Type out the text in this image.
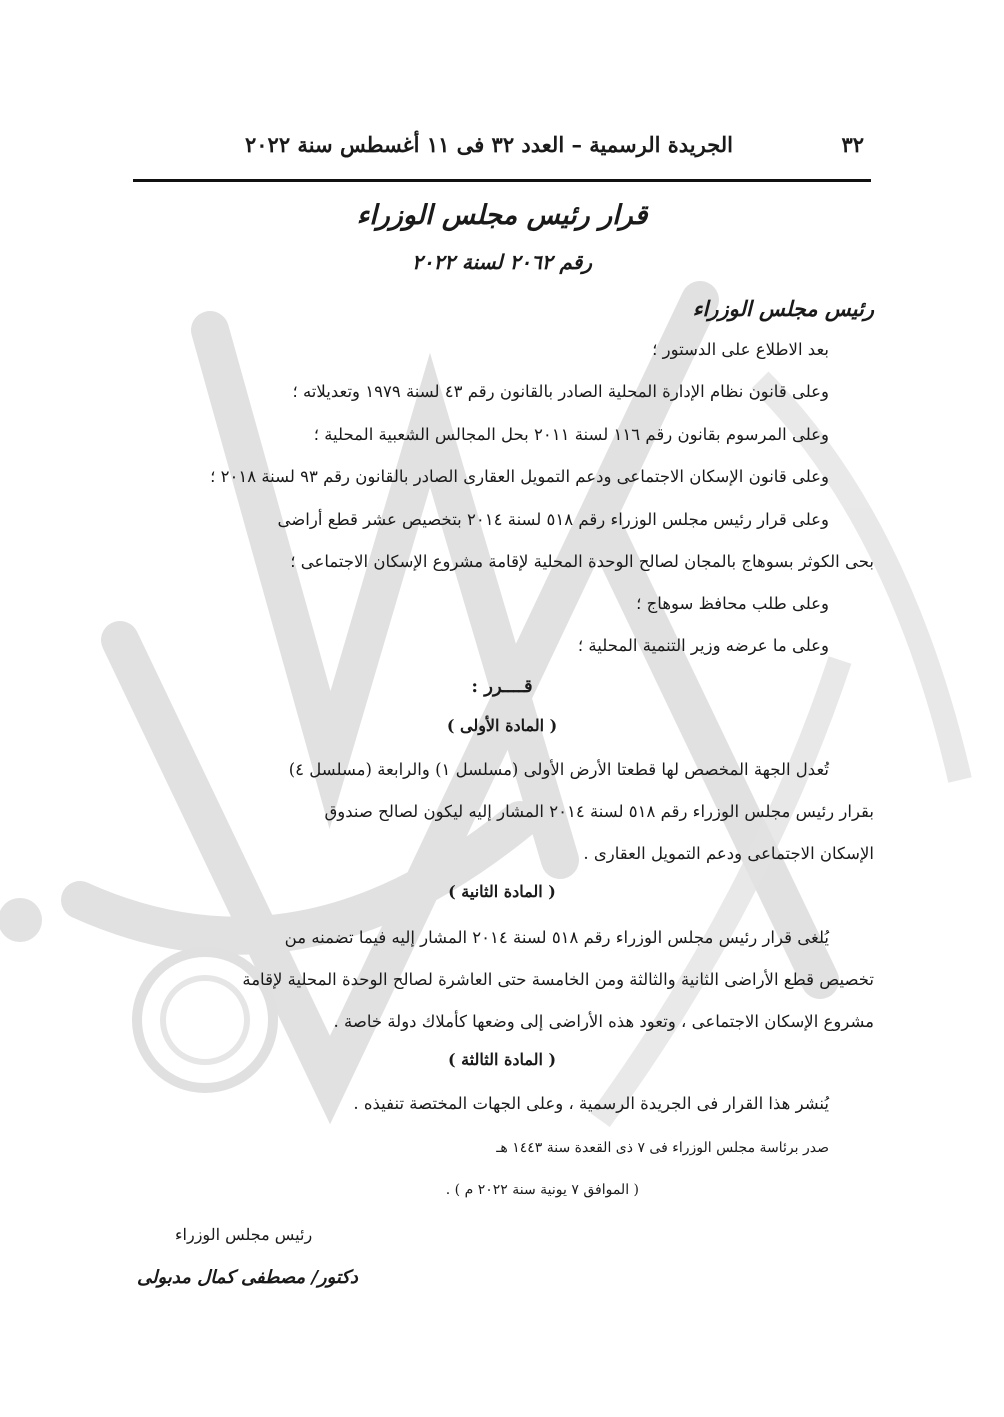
٣٢
الجريدة الرسمية – العدد ٣٢ فى ١١ أغسطس سنة ٢٠٢٢
قرار رئيس مجلس الوزراء
رقم ٢٠٦٢ لسنة ٢٠٢٢
رئيس مجلس الوزراء
بعد الاطلاع على الدستور ؛
وعلى قانون نظام الإدارة المحلية الصادر بالقانون رقم ٤٣ لسنة ١٩٧٩ وتعديلاته ؛
وعلى المرسوم بقانون رقم ١١٦ لسنة ٢٠١١ بحل المجالس الشعبية المحلية ؛
وعلى قانون الإسكان الاجتماعى ودعم التمويل العقارى الصادر بالقانون رقم ٩٣ لسنة ٢٠١٨ ؛
وعلى قرار رئيس مجلس الوزراء رقم ٥١٨ لسنة ٢٠١٤ بتخصيص عشر قطع أراضى
بحى الكوثر بسوهاج بالمجان لصالح الوحدة المحلية لإقامة مشروع الإسكان الاجتماعى ؛
وعلى طلب محافظ سوهاج ؛
وعلى ما عرضه وزير التنمية المحلية ؛
قــــرر :
( المادة الأولى )
تُعدل الجهة المخصص لها قطعتا الأرض الأولى (مسلسل ١) والرابعة (مسلسل ٤)
بقرار رئيس مجلس الوزراء رقم ٥١٨ لسنة ٢٠١٤ المشار إليه ليكون لصالح صندوق
الإسكان الاجتماعى ودعم التمويل العقارى .
( المادة الثانية )
يُلغى قرار رئيس مجلس الوزراء رقم ٥١٨ لسنة ٢٠١٤ المشار إليه فيما تضمنه من
تخصيص قطع الأراضى الثانية والثالثة ومن الخامسة حتى العاشرة لصالح الوحدة المحلية لإقامة
مشروع الإسكان الاجتماعى ، وتعود هذه الأراضى إلى وضعها كأملاك دولة خاصة .
( المادة الثالثة )
يُنشر هذا القرار فى الجريدة الرسمية ، وعلى الجهات المختصة تنفيذه .
صدر برئاسة مجلس الوزراء فى ٧ ذى القعدة سنة ١٤٤٣ هـ
( الموافق ٧ يونية سنة ٢٠٢٢ م ) .
رئيس مجلس الوزراء
دكتور/ مصطفى كمال مدبولى
